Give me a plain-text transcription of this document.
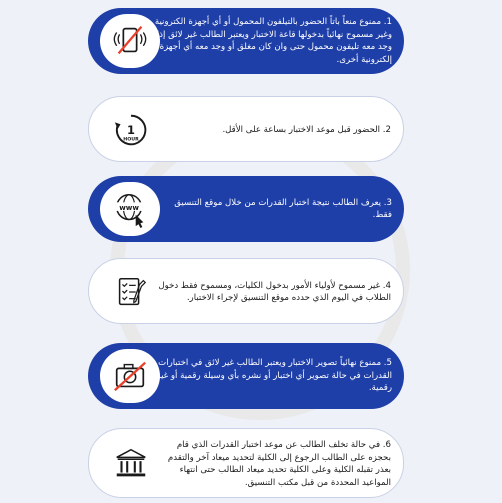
1. ممنوع منعاً باتاً الحضور بالتيلفون المحمول أو أي أجهزة الكترونية وغير مسموح نهائياً بدخولها قاعة الاختبار ويعتبر الطالب غير لائق إذا وجد معه تليفون محمول حتى وان كان مغلق أو وجد معه أي أجهزة إلكترونية أخرى.
1
HOUR
2. الحضور قبل موعد الاختبار بساعة على الأقل.
www	3. يعرف الطالب نتيجة اختبار القدرات من خلال موقع التنسيق فقط.
4. غير مسموح لأولياء الأمور بدخول الكليات، ومسموح فقط دخول الطلاب في اليوم الذي حدده موقع التنسيق لإجراء الاختبار.
5. ممنوع نهائياً تصوير الاختبار ويعتبر الطالب غير لائق في اختبارات القدرات في حالة تصوير أي اختبار أو نشره بأي وسيلة رقمية أو غير رقمية.
6. في حالة تخلف الطالب عن موعد اختبار القدرات الذي قام بحجزه على الطالب الرجوع إلى الكلية لتحديد ميعاد آخر والتقدم بعذر تقبله الكلية وعلى الكلية تحديد ميعاد الطالب حتى انتهاء المواعيد المحددة من قبل مكتب التنسيق.
